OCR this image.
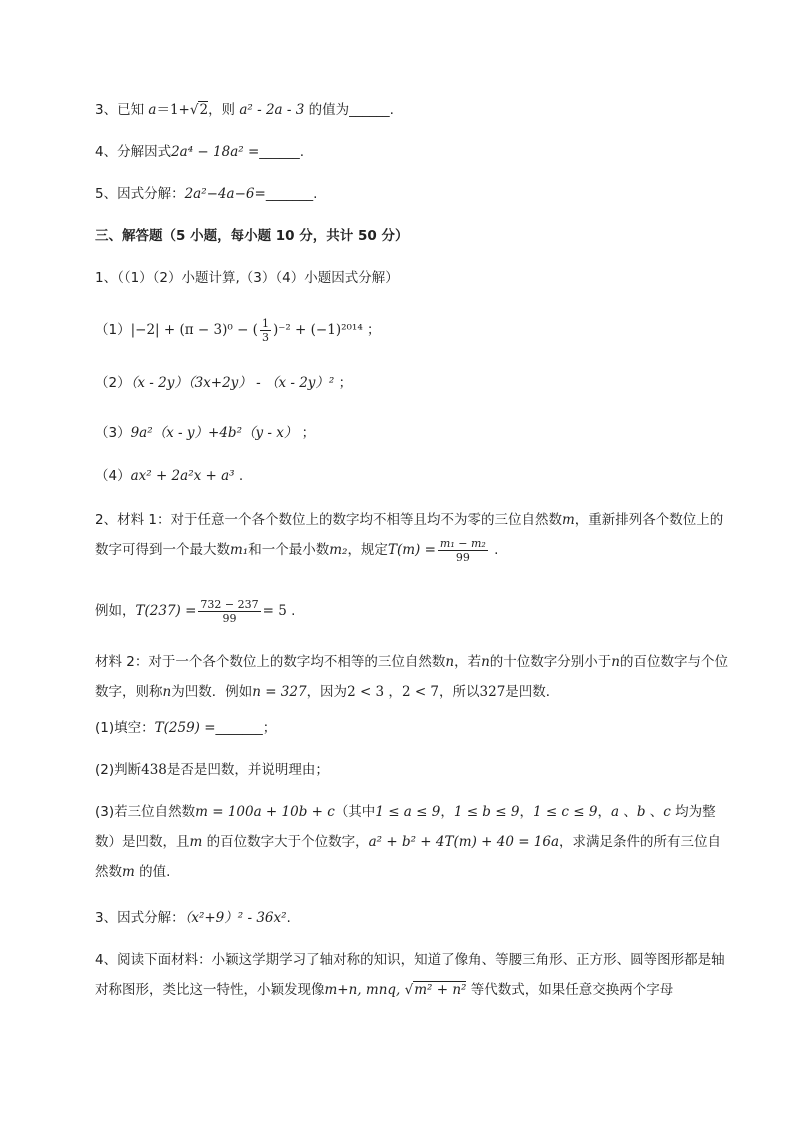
3、已知 a＝1+√2，则 a² - 2a - 3 的值为______.
4、分解因式2a⁴ − 18a² =______.
5、因式分解：2a²−4a−6=_______.
三、解答题（5 小题，每小题 10 分，共计 50 分）
1、（（1）（2）小题计算,（3）（4）小题因式分解）
（1）|−2| + (π − 3)⁰ − ( $\frac{1}{3} )^{-2} + (-1)^{2014}$ ；
（2）（x - 2y）（3x+2y） - （x - 2y）² ；
（3）9a²（x - y）+4b²（y - x） ；
（4）ax² + 2a²x + a³ .
2、材料 1：对于任意一个各个数位上的数字均不相等且均不为零的三位自然数m，重新排列各个数位上的数字可得到一个最大数m₁和一个最小数m₂，规定$T(m) = \frac{\text{m₁ − m₂}}{99}$ .
例如，$T(237) = \frac{732 - 237}{99} = 5$ .
材料 2：对于一个各个数位上的数字均不相等的三位自然数n，若n的十位数字分别小于n的百位数字与个位数字，则称n为凹数．例如n = 327，因为2 < 3 ，2 < 7，所以327是凹数．
(1)填空：T(259) =_______；
(2)判断438是否是凹数，并说明理由；
(3)若三位自然数m = 100a + 10b + c（其中1 ≤ a ≤ 9，1 ≤ b ≤ 9，1 ≤ c ≤ 9，a 、b 、c 均为整数）是凹数，且m 的百位数字大于个位数字，a² + b² + 4T(m) + 40 = 16a，求满足条件的所有三位自然数m 的值.
3、因式分解：（x²+9）² - 36x².
4、阅读下面材料：小颖这学期学习了轴对称的知识，知道了像角、等腰三角形、正方形、圆等图形都是轴对称图形，类比这一特性，小颖发现像m+n, mnq, √m² + n² 等代数式，如果任意交换两个字母
